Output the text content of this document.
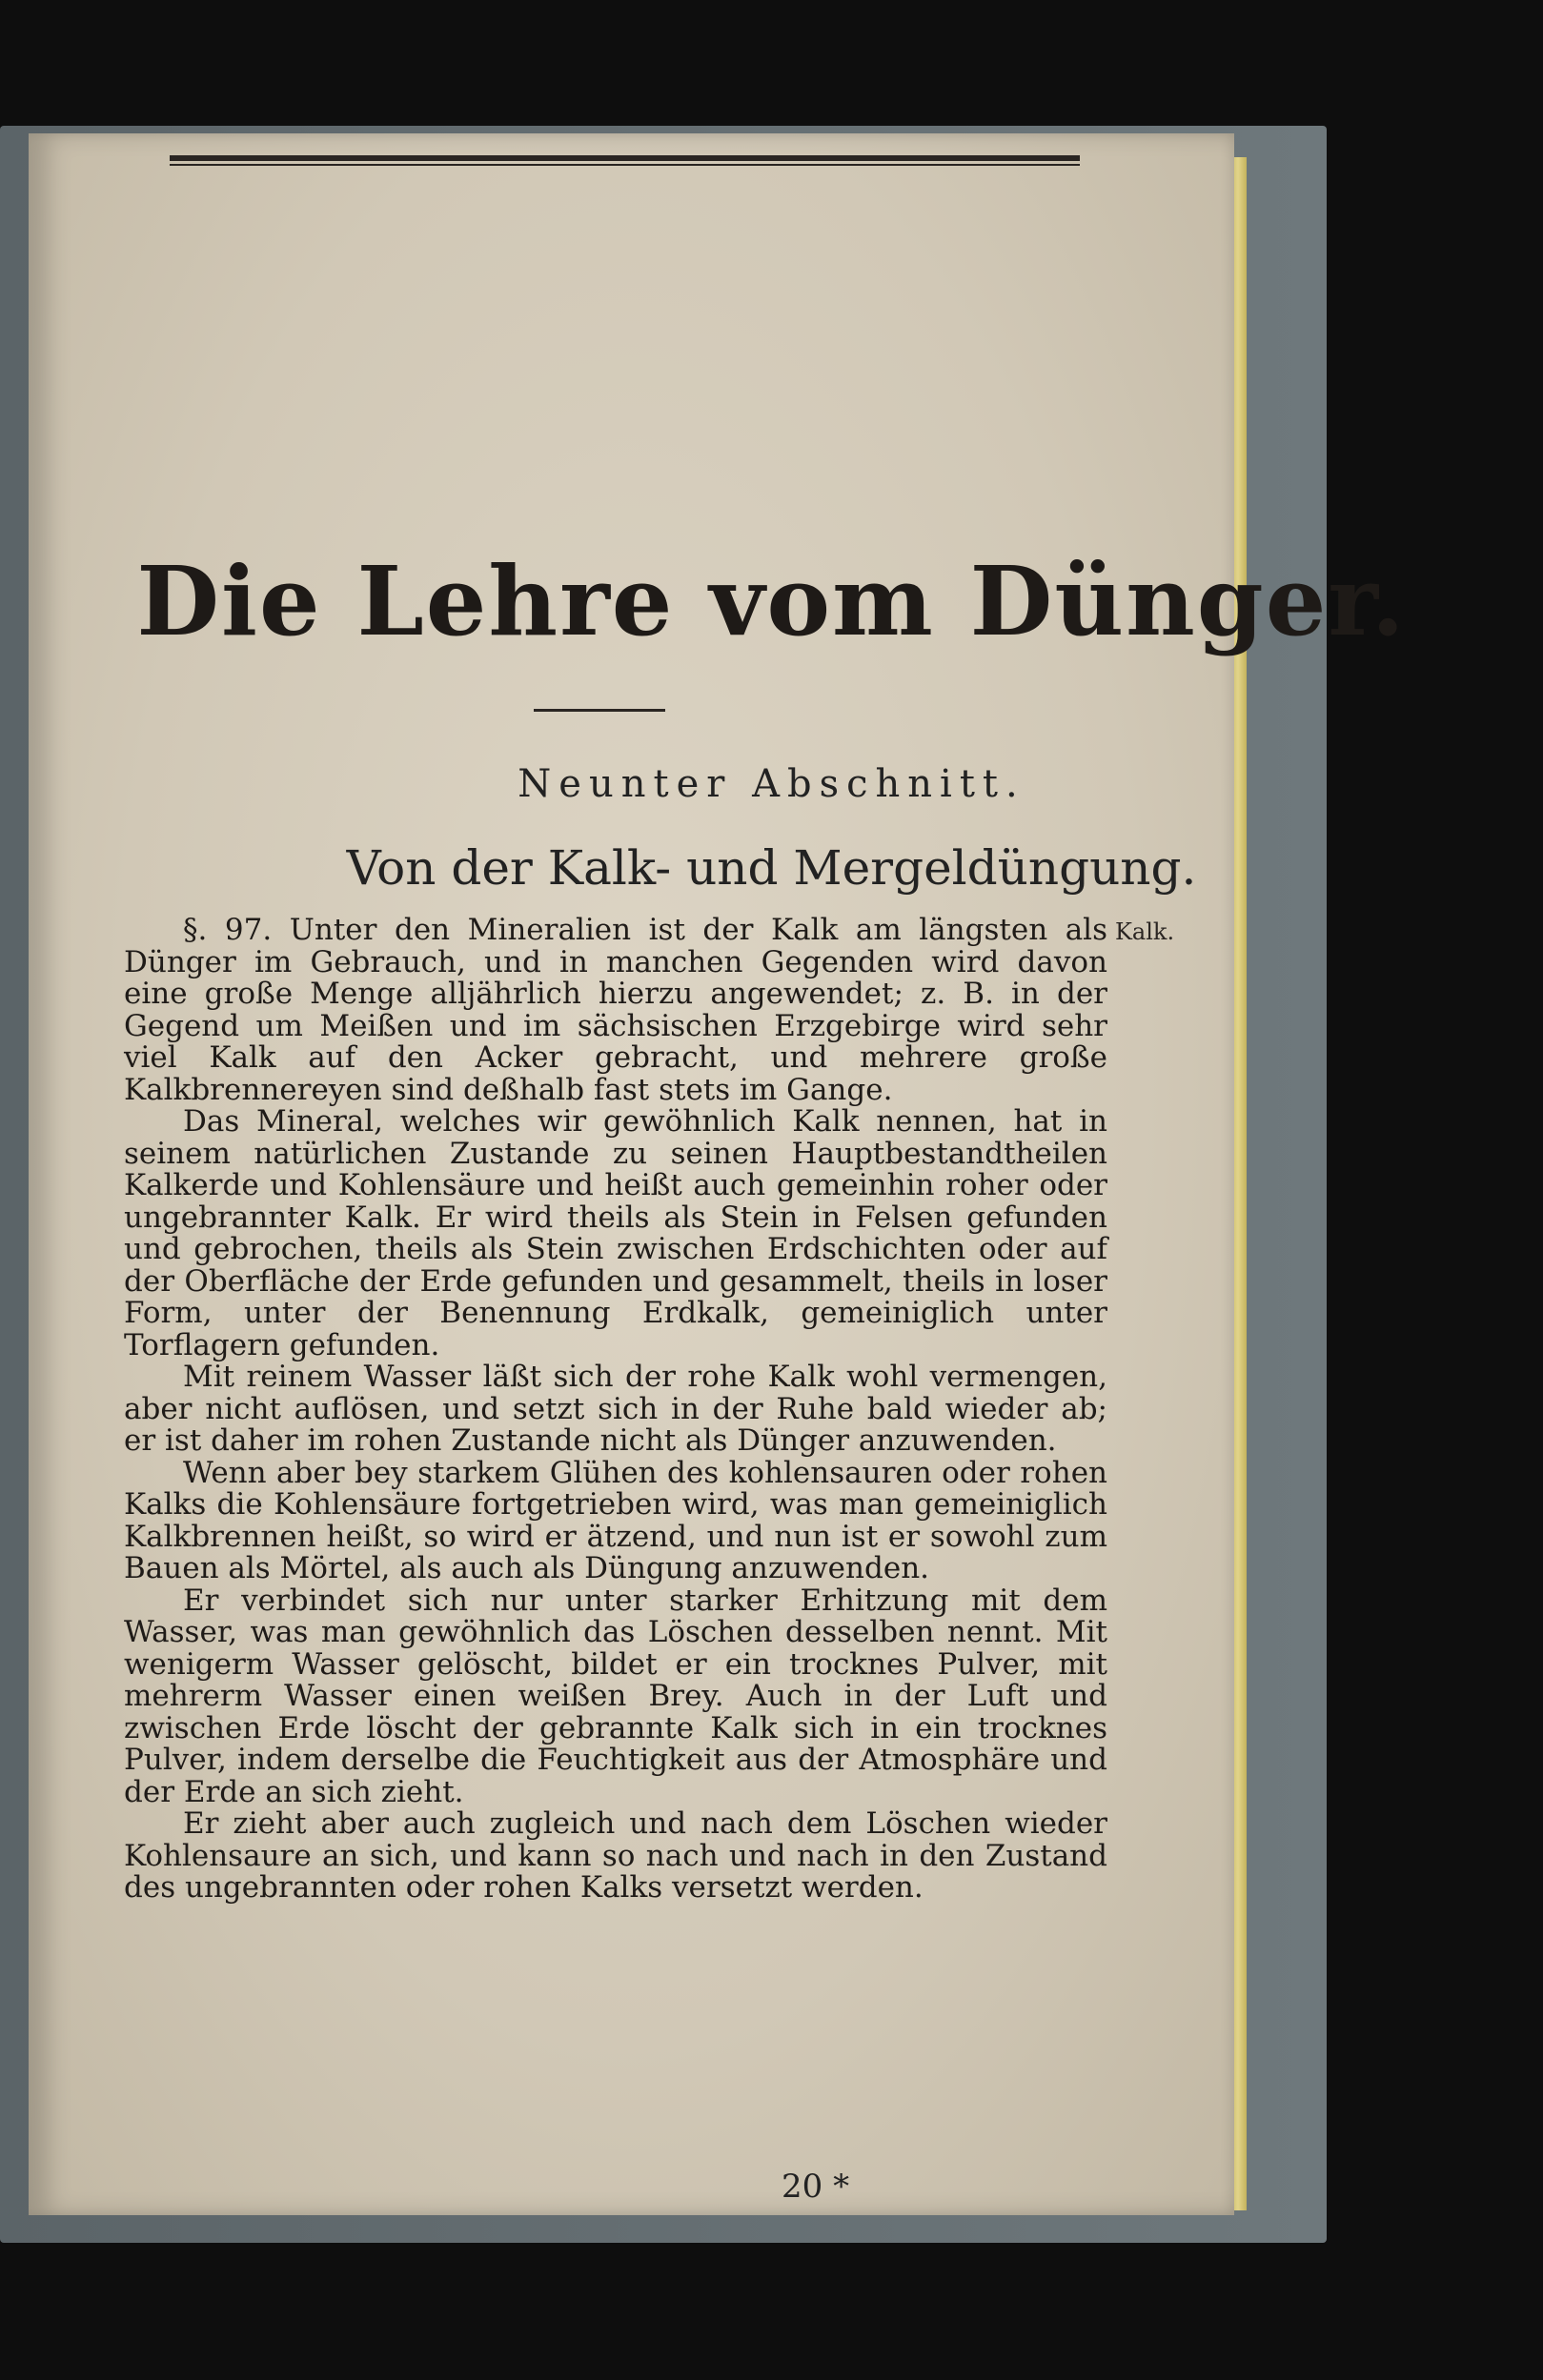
Die Lehre vom Dünger.
Neunter Abschnitt.
Von der Kalk- und Mergeldüngung.
Kalk.

§. 97. Unter den Mineralien ist der Kalk am längsten als Dünger im Gebrauch, und in manchen Gegenden wird davon eine große Menge alljährlich hierzu angewendet; z. B. in der Gegend um Meißen und im sächsischen Erzgebirge wird sehr viel Kalk auf den Acker gebracht, und mehrere große Kalkbrennereyen sind deßhalb fast stets im Gange.

Das Mineral, welches wir gewöhnlich Kalk nennen, hat in seinem natürlichen Zustande zu seinen Hauptbestandtheilen Kalkerde und Kohlensäure und heißt auch gemeinhin roher oder ungebrannter Kalk. Er wird theils als Stein in Felsen gefunden und gebrochen, theils als Stein zwischen Erdschichten oder auf der Oberfläche der Erde gefunden und gesammelt, theils in loser Form, unter der Benennung Erdkalk, gemeiniglich unter Torflagern gefunden.

Mit reinem Wasser läßt sich der rohe Kalk wohl vermengen, aber nicht auflösen, und setzt sich in der Ruhe bald wieder ab; er ist daher im rohen Zustande nicht als Dünger anzuwenden.

Wenn aber bey starkem Glühen des kohlensauren oder rohen Kalks die Kohlensäure fortgetrieben wird, was man gemeiniglich Kalkbrennen heißt, so wird er ätzend, und nun ist er sowohl zum Bauen als Mörtel, als auch als Düngung anzuwenden.

Er verbindet sich nur unter starker Erhitzung mit dem Wasser, was man gewöhnlich das Löschen desselben nennt. Mit wenigerm Wasser gelöscht, bildet er ein trocknes Pulver, mit mehrerm Wasser einen weißen Brey. Auch in der Luft und zwischen Erde löscht der gebrannte Kalk sich in ein trocknes Pulver, indem derselbe die Feuchtigkeit aus der Atmosphäre und der Erde an sich zieht.

Er zieht aber auch zugleich und nach dem Löschen wieder Kohlensaure an sich, und kann so nach und nach in den Zustand des ungebrannten oder rohen Kalks versetzt werden.

20 *
